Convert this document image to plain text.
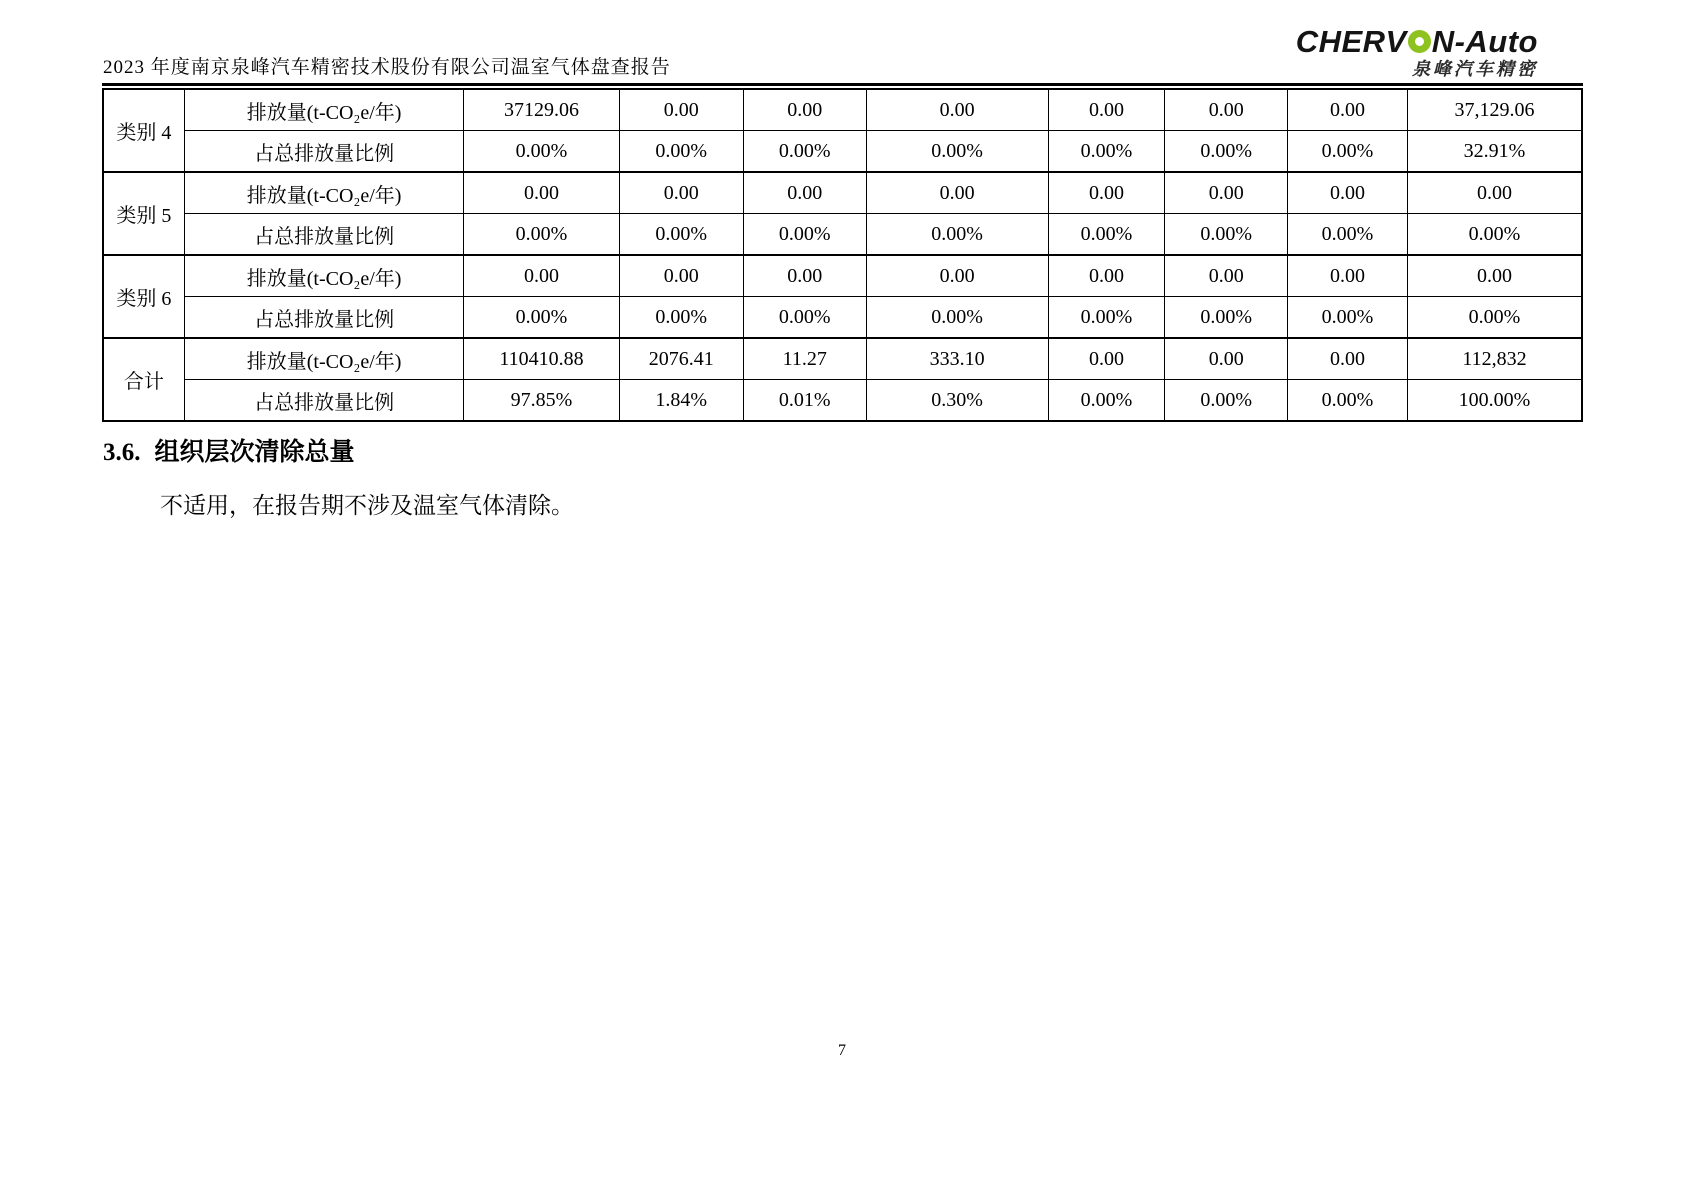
2023 年度南京泉峰汽车精密技术股份有限公司温室气体盘查报告
CHERV N-Auto
泉峰汽车精密
类别 4	排放量(t-CO₂e/年)	37129.06	0.00	0.00	0.00	0.00	0.00	0.00	37,129.06
	占总排放量比例	0.00%	0.00%	0.00%	0.00%	0.00%	0.00%	0.00%	32.91%
类别 5	排放量(t-CO₂e/年)	0.00	0.00	0.00	0.00	0.00	0.00	0.00	0.00
	占总排放量比例	0.00%	0.00%	0.00%	0.00%	0.00%	0.00%	0.00%	0.00%
类别 6	排放量(t-CO₂e/年)	0.00	0.00	0.00	0.00	0.00	0.00	0.00	0.00
	占总排放量比例	0.00%	0.00%	0.00%	0.00%	0.00%	0.00%	0.00%	0.00%
合计	排放量(t-CO₂e/年)	110410.88	2076.41	11.27	333.10	0.00	0.00	0.00	112,832
	占总排放量比例	97.85%	1.84%	0.01%	0.30%	0.00%	0.00%	0.00%	100.00%
3.6. 组织层次清除总量
不适用，在报告期不涉及温室气体清除。
7
